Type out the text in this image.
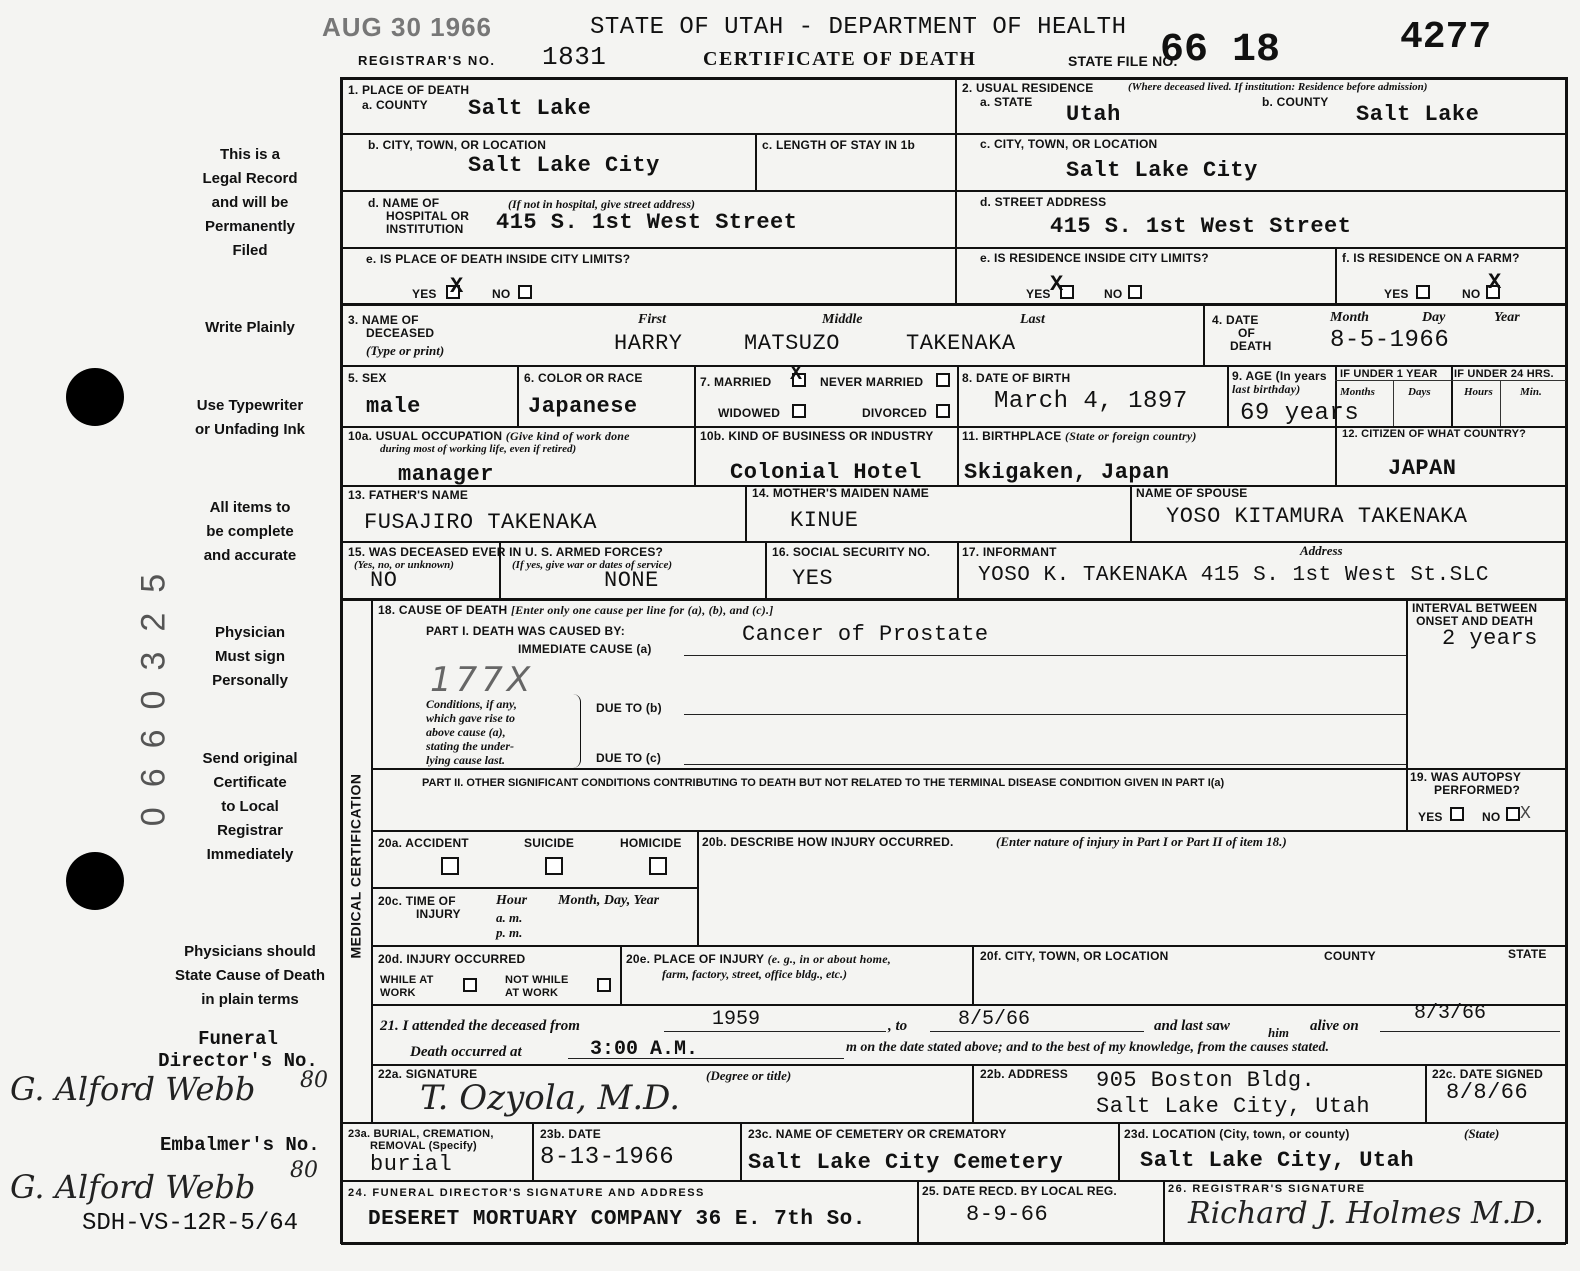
AUG 30 1966	STATE OF UTAH - DEPARTMENT OF HEALTH
REGISTRAR'S NO. 1831	CERTIFICATE OF DEATH	STATE FILE NO.
66 18	4277
This is a
Legal Record
and will be
Permanently
Filed
Write Plainly
Use Typewriter
or Unfading Ink
All items to
be complete
and accurate
Physician
Must sign
Personally
Send original
Certificate
to Local
Registrar
Immediately
Physicians should
State Cause of Death
in plain terms
Funeral
Director's No.
G. Alford Webb 80
Embalmer's No.
G. Alford Webb 80
SDH-VS-12R-5/64
0660325
1. PLACE OF DEATH
a. COUNTY Salt Lake
b. CITY, TOWN, OR LOCATION
Salt Lake City
c. LENGTH OF STAY IN 1b
d. NAME OF
HOSPITAL OR
INSTITUTION
(If not in hospital, give street address)
415 S. 1st West Street
e. IS PLACE OF DEATH INSIDE CITY LIMITS?
YES X NO
2. USUAL RESIDENCE	(Where deceased lived. If institution: Residence before admission)
a. STATE Utah	b. COUNTY Salt Lake
c. CITY, TOWN, OR LOCATION
Salt Lake City
d. STREET ADDRESS
415 S. 1st West Street
e. IS RESIDENCE INSIDE CITY LIMITS?
YES X	NO
f. IS RESIDENCE ON A FARM?
YES	NO X
3. NAME OF
DECEASED
(Type or print)
First	Middle	Last
HARRY	MATSUZO	TAKENAKA
4. DATE
OF
DEATH
Month	Day	Year
8-5-1966
5. SEX
male
6. COLOR OR RACE
Japanese
7. MARRIED X NEVER MARRIED
WIDOWED	DIVORCED
8. DATE OF BIRTH
March 4, 1897
9. AGE (In years
last birthday)
69 years
IF UNDER 1 YEAR IF UNDER 24 HRS.
Months	Days	Hours Min.
10a. USUAL OCCUPATION (Give kind of work done
during most of working life, even if retired)
manager
10b. KIND OF BUSINESS OR INDUSTRY
Colonial Hotel
11. BIRTHPLACE (State or foreign country)
Skigaken, Japan
12. CITIZEN OF WHAT COUNTRY?
JAPAN
13. FATHER'S NAME
FUSAJIRO TAKENAKA
14. MOTHER'S MAIDEN NAME
KINUE
NAME OF SPOUSE
YOSO KITAMURA TAKENAKA
15. WAS DECEASED EVER IN U. S. ARMED FORCES?
(Yes, no, or unknown)	(If yes, give war or dates of service)
NO	NONE
16. SOCIAL SECURITY NO.
YES
17. INFORMANT	Address
YOSO K. TAKENAKA 415 S. 1st West St.SLC
MEDICAL CERTIFICATION
18. CAUSE OF DEATH [Enter only one cause per line for (a), (b), and (c).]
PART I. DEATH WAS CAUSED BY:
IMMEDIATE CAUSE (a)
Cancer of Prostate
INTERVAL BETWEEN
ONSET AND DEATH
2 years
177X
Conditions, if any,
which gave rise to
above cause (a),
stating the under-
lying cause last.
DUE TO (b)
DUE TO (c)
PART II. OTHER SIGNIFICANT CONDITIONS CONTRIBUTING TO DEATH BUT NOT RELATED TO THE TERMINAL DISEASE CONDITION GIVEN IN PART I(a)	19. WAS AUTOPSY
PERFORMED?
YES	NO X
20a. ACCIDENT	SUICIDE	HOMICIDE 20b. DESCRIBE HOW INJURY OCCURRED.	(Enter nature of injury in Part I or Part II of item 18.)
20c. TIME OF
INJURY
Hour
a. m.
p. m.
Month, Day, Year
20d. INJURY OCCURRED
WHILE AT
WORK
NOT WHILE
AT WORK
20e. PLACE OF INJURY (e. g., in or about home,
farm, factory, street, office bldg., etc.)
20f. CITY, TOWN, OR LOCATION	COUNTY	STATE
21. I attended the deceased from	1959	, to	8/5/66	and last saw	him alive on
8/3/66
Death occurred at	3:00 A.M.	m on the date stated above; and to the best of my knowledge, from the causes stated.
22a. SIGNATURE	(Degree or title)
T. Ozyola, M.D.
22b. ADDRESS 905 Boston Bldg.
Salt Lake City, Utah
22c. DATE SIGNED
8/8/66
23a. BURIAL, CREMATION,
REMOVAL (Specify)
burial
23b. DATE
8-13-1966
23c. NAME OF CEMETERY OR CREMATORY
Salt Lake City Cemetery
23d. LOCATION (City, town, or county)	(State)
Salt Lake City, Utah
24. FUNERAL DIRECTOR'S SIGNATURE AND ADDRESS
DESERET MORTUARY COMPANY 36 E. 7th So.
25. DATE RECD. BY LOCAL REG.
8-9-66
26. REGISTRAR'S SIGNATURE
Richard J. Holmes M.D.
